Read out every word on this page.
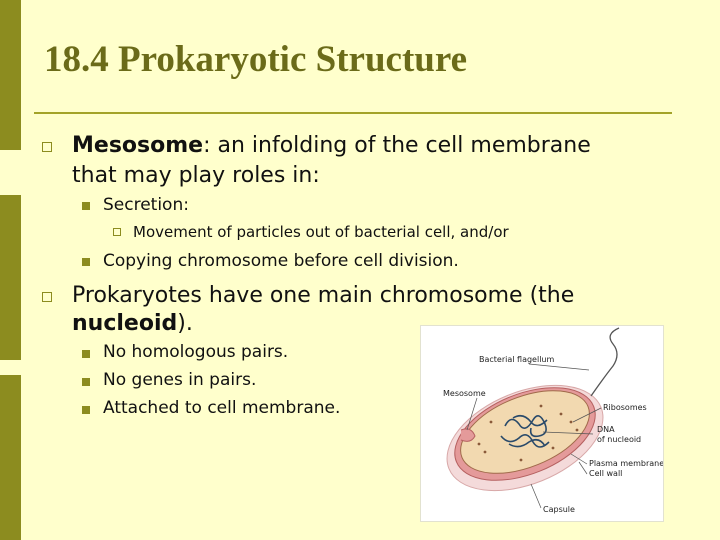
18.4 Prokaryotic Structure
Mesosome: an infolding of the cell membrane
that may play roles in:
Secretion:
Movement of particles out of bacterial cell, and/or
Copying chromosome before cell division.
Prokaryotes have one main chromosome (the
nucleoid).
No homologous pairs.
No genes in pairs.
Attached to cell membrane.
Bacterial flagellum
Mesosome
Ribosomes
DNA
of nucleoid
Plasma membrane
Cell wall
Capsule
